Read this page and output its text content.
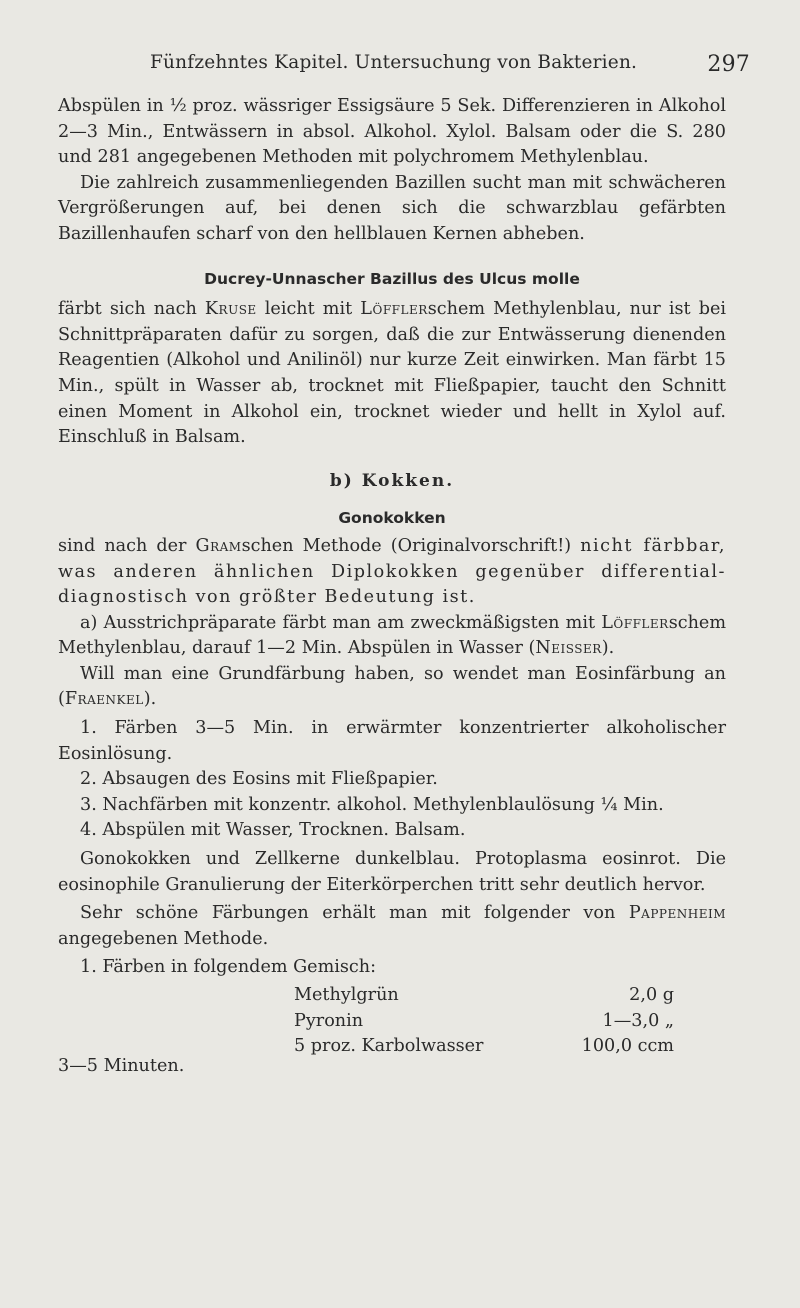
Fünfzehntes Kapitel. Untersuchung von Bakterien.	297

Abspülen in ½ proz. wässriger Essigsäure 5 Sek. Differenzieren in Alkohol 2—3 Min., Entwässern in absol. Alkohol. Xylol. Balsam oder die S. 280 und 281 angegebenen Methoden mit polychromem Methylenblau.

Die zahlreich zusammenliegenden Bazillen sucht man mit schwächeren Vergrößerungen auf, bei denen sich die schwarzblau gefärbten Bazillenhaufen scharf von den hellblauen Kernen abheben.

Ducrey-Unnascher Bazillus des Ulcus molle

färbt sich nach Kruse leicht mit Löfflerschem Methylenblau, nur ist bei Schnittpräparaten dafür zu sorgen, daß die zur Entwässerung dienenden Reagentien (Alkohol und Anilinöl) nur kurze Zeit einwirken. Man färbt 15 Min., spült in Wasser ab, trocknet mit Fließpapier, taucht den Schnitt einen Moment in Alkohol ein, trocknet wieder und hellt in Xylol auf. Einschluß in Balsam.

b) Kokken.

Gonokokken

sind nach der Gramschen Methode (Originalvorschrift!) nicht färbbar, was anderen ähnlichen Diplokokken gegenüber differential-diagnostisch von größter Bedeutung ist.

a) Ausstrichpräparate färbt man am zweckmäßigsten mit Löfflerschem Methylenblau, darauf 1—2 Min. Abspülen in Wasser (Neisser).

Will man eine Grundfärbung haben, so wendet man Eosinfärbung an (Fraenkel).

1. Färben 3—5 Min. in erwärmter konzentrierter alkoholischer Eosinlösung.

2. Absaugen des Eosins mit Fließpapier.

3. Nachfärben mit konzentr. alkohol. Methylenblaulösung ¼ Min.

4. Abspülen mit Wasser, Trocknen. Balsam.

Gonokokken und Zellkerne dunkelblau. Protoplasma eosinrot. Die eosinophile Granulierung der Eiterkörperchen tritt sehr deutlich hervor.

Sehr schöne Färbungen erhält man mit folgender von Pappenheim angegebenen Methode.

1. Färben in folgendem Gemisch:

Methylgrün	2,0 g
Pyronin	1—3,0 „
5 proz. Karbolwasser	100,0 ccm

3—5 Minuten.
